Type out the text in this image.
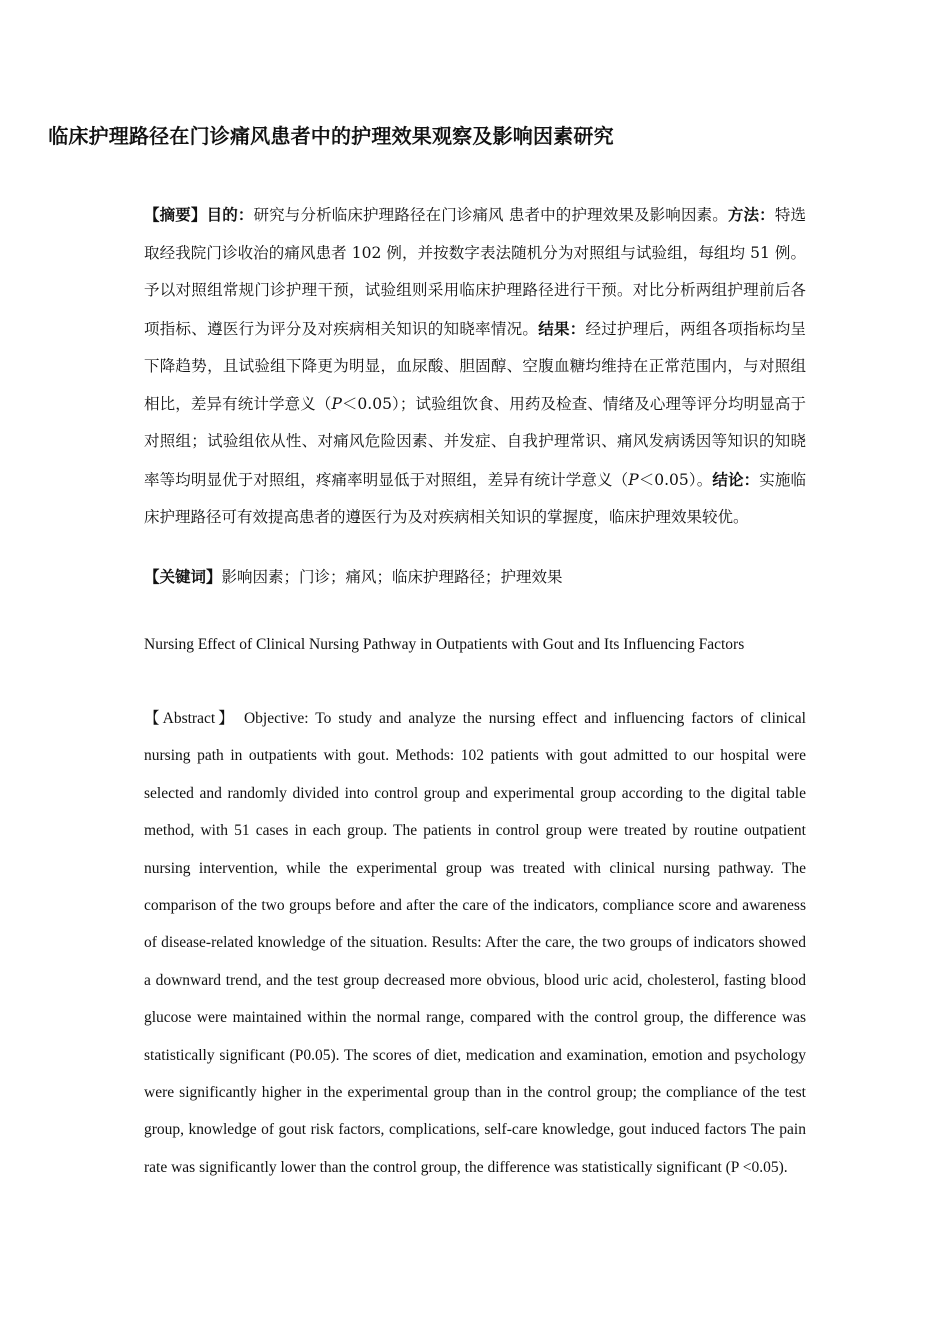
临床护理路径在门诊痛风患者中的护理效果观察及影响因素研究
【摘要】目的：研究与分析临床护理路径在门诊痛风 患者中的护理效果及影响因素。方法：特选取经我院门诊收治的痛风患者 102 例，并按数字表法随机分为对照组与试验组，每组均 51 例。予以对照组常规门诊护理干预，试验组则采用临床护理路径进行干预。对比分析两组护理前后各项指标、遵医行为评分及对疾病相关知识的知晓率情况。结果：经过护理后，两组各项指标均呈下降趋势，且试验组下降更为明显，血尿酸、胆固醇、空腹血糖均维持在正常范围内，与对照组相比，差异有统计学意义（P＜0.05）；试验组饮食、用药及检查、情绪及心理等评分均明显高于对照组；试验组依从性、对痛风危险因素、并发症、自我护理常识、痛风发病诱因等知识的知晓率等均明显优于对照组，疼痛率明显低于对照组，差异有统计学意义（P＜0.05）。结论：实施临床护理路径可有效提高患者的遵医行为及对疾病相关知识的掌握度，临床护理效果较优。
【关键词】影响因素；门诊；痛风；临床护理路径；护理效果
Nursing Effect of Clinical Nursing Pathway in Outpatients with Gout and Its Influencing Factors
【Abstract】 Objective: To study and analyze the nursing effect and influencing factors of clinical nursing path in outpatients with gout. Methods: 102 patients with gout admitted to our hospital were selected and randomly divided into control group and experimental group according to the digital table method, with 51 cases in each group. The patients in control group were treated by routine outpatient nursing intervention, while the experimental group was treated with clinical nursing pathway. The comparison of the two groups before and after the care of the indicators, compliance score and awareness of disease-related knowledge of the situation. Results: After the care, the two groups of indicators showed a downward trend, and the test group decreased more obvious, blood uric acid, cholesterol, fasting blood glucose were maintained within the normal range, compared with the control group, the difference was statistically significant (P0.05). The scores of diet, medication and examination, emotion and psychology were significantly higher in the experimental group than in the control group; the compliance of the test group, knowledge of gout risk factors, complications, self-care knowledge, gout induced factors The pain rate was significantly lower than the control group, the difference was statistically significant (P <0.05).
